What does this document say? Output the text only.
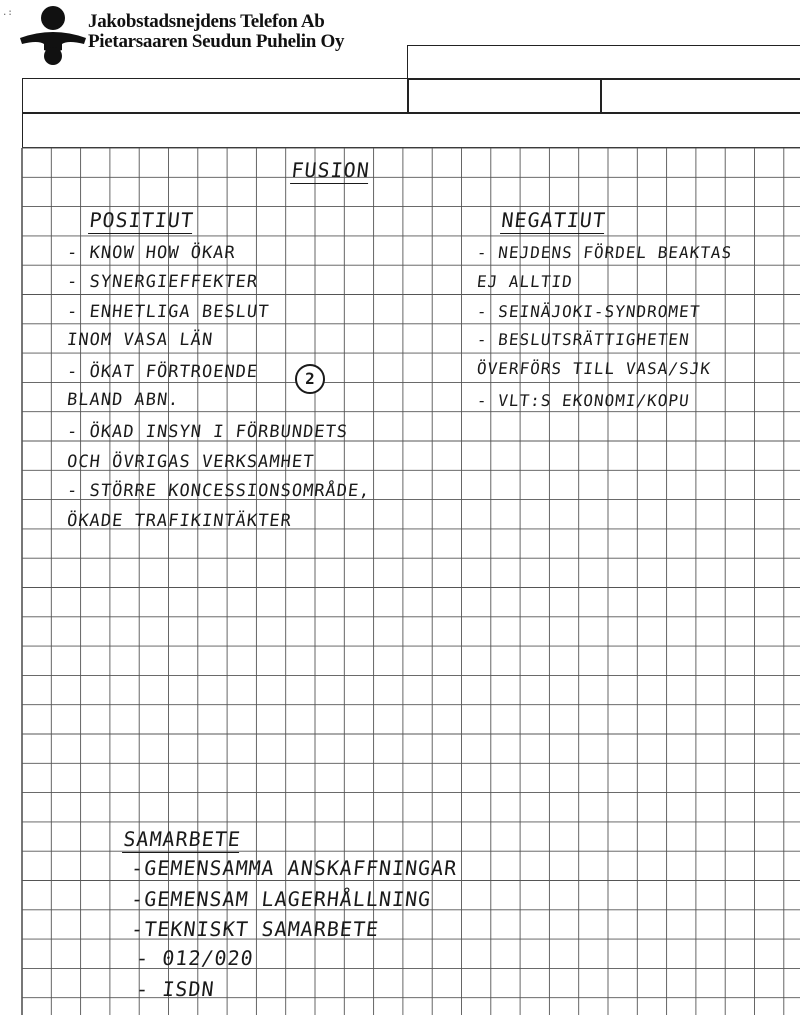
.:	Jakobstadsnejdens Telefon Ab
Pietarsaaren Seudun Puhelin Oy
FUSION
POSITIUT
- KNOW HOW ÖKAR
- SYNERGIEFFEKTER
- ENHETLIGA BESLUT
INOM VASA LÄN
- ÖKAT FÖRTROENDE
BLAND ABN.
- ÖKAD INSYN I FÖRBUNDETS
OCH ÖVRIGAS VERKSAMHET
- STÖRRE KONCESSIONSOMRÅDE,
ÖKADE TRAFIKINTÄKTER
2
NEGATIUT
- NEJDENS FÖRDEL BEAKTAS
EJ ALLTID
- SEINÄJOKI-SYNDROMET
- BESLUTSRÄTTIGHETEN
ÖVERFÖRS TILL VASA/SJK
- VLT:S EKONOMI/KOPU
SAMARBETE
-GEMENSAMMA ANSKAFFNINGAR
-GEMENSAM LAGERHÅLLNING
-TEKNISKT SAMARBETE
- 012/020
- ISDN
